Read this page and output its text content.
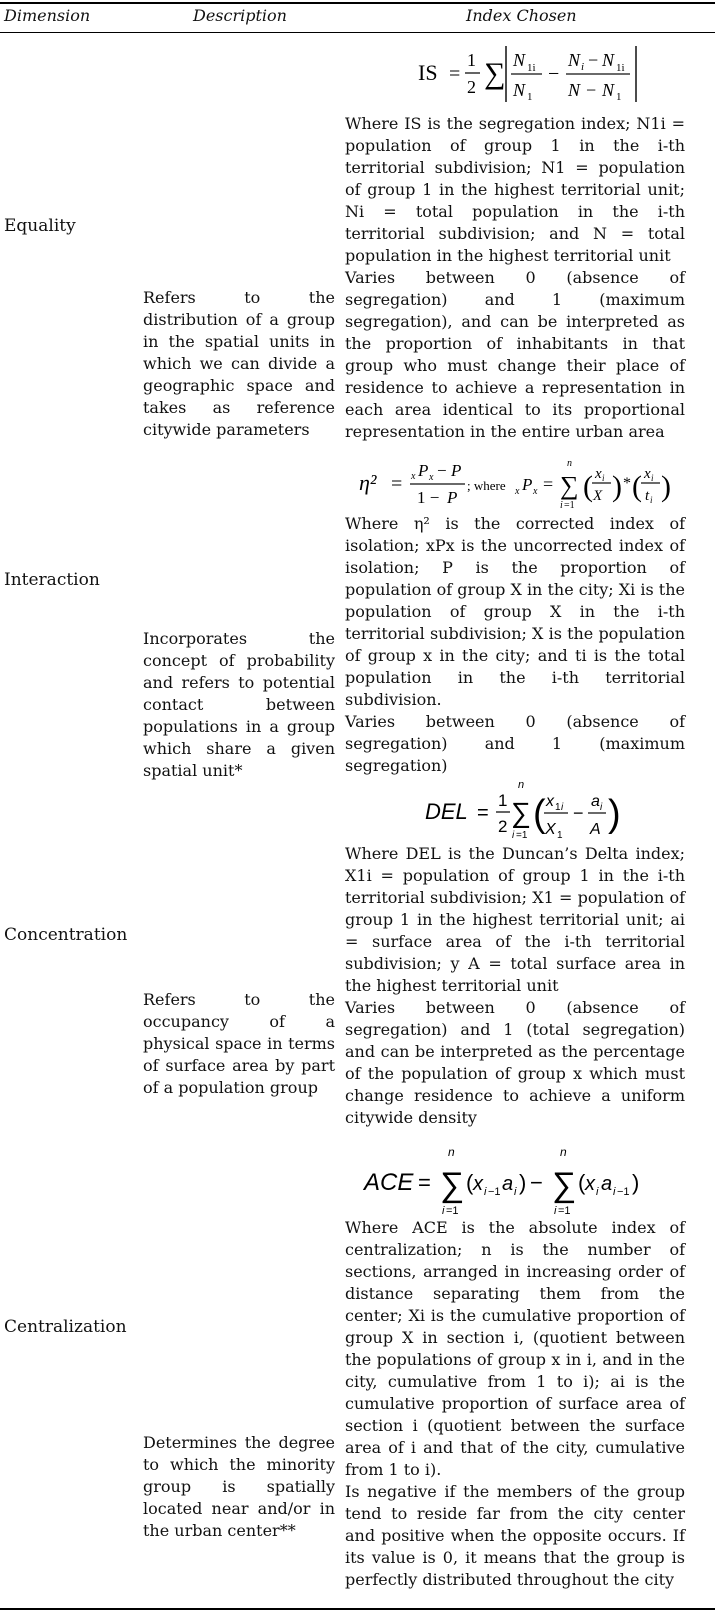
Dimension	Description	Index Chosen
Equality
Refers to the distribution of a group in the spatial units in which we can divide a geographic space and takes as reference citywide parameters
IS =
1
2 ∑ N 1i
N 1
−
N i − N 1i
N − N 1
Where IS is the segregation index; N1i = population of group 1 in the i-th territorial subdivision; N1 = population of group 1 in the highest territorial unit; Ni = total population in the i-th territorial subdivision; and N = total population in the highest territorial unit
Varies between 0 (absence of segregation) and 1 (maximum segregation), and can be interpreted as the proportion of inhabitants in that group who must change their place of residence to achieve a representation in each area identical to its proportional representation in the entire urban area
Interaction
Incorporates the concept of probability and refers to potential contact between populations in a group which share a given spatial unit*
η² = x P x − P
1 − P
; where x P x =
n
∑
i =1
( x i
X ) * ( x i
t i )
Where η² is the corrected index of isolation; xPx is the uncorrected index of isolation; P is the proportion of population of group X in the city; Xi is the population of group X in the i-th territorial subdivision; X is the population of group x in the city; and ti is the total population in the i-th territorial subdivision.
Varies between 0 (absence of segregation) and 1 (maximum segregation)
Concentration
Refers to the occupancy of a physical space in terms of surface area by part of a population group
DEL =
1
2
n
∑
i =1
( x 1 i
X 1
−
a i
A )
Where DEL is the Duncan’s Delta index; X1i = population of group 1 in the i-th territorial subdivision; X1 = population of group 1 in the highest territorial unit; ai = surface area of the i-th territorial subdivision; y A = total surface area in the highest territorial unit
Varies between 0 (absence of segregation) and 1 (total segregation) and can be interpreted as the percentage of the population of group x which must change residence to achieve a uniform citywide density
Centralization
Determines the degree to which the minority group is spatially located near and/or in the urban center**
ACE =
n
∑
i =1
( x i −1 a i ) −
n
∑
i =1
( x i a i −1 )
Where ACE is the absolute index of centralization; n is the number of sections, arranged in increasing order of distance separating them from the center; Xi is the cumulative proportion of group X in section i, (quotient between the populations of group x in i, and in the city, cumulative from 1 to i); ai is the cumulative proportion of surface area of section i (quotient between the surface area of i and that of the city, cumulative from 1 to i).
Is negative if the members of the group tend to reside far from the city center and positive when the opposite occurs. If its value is 0, it means that the group is perfectly distributed throughout the city
